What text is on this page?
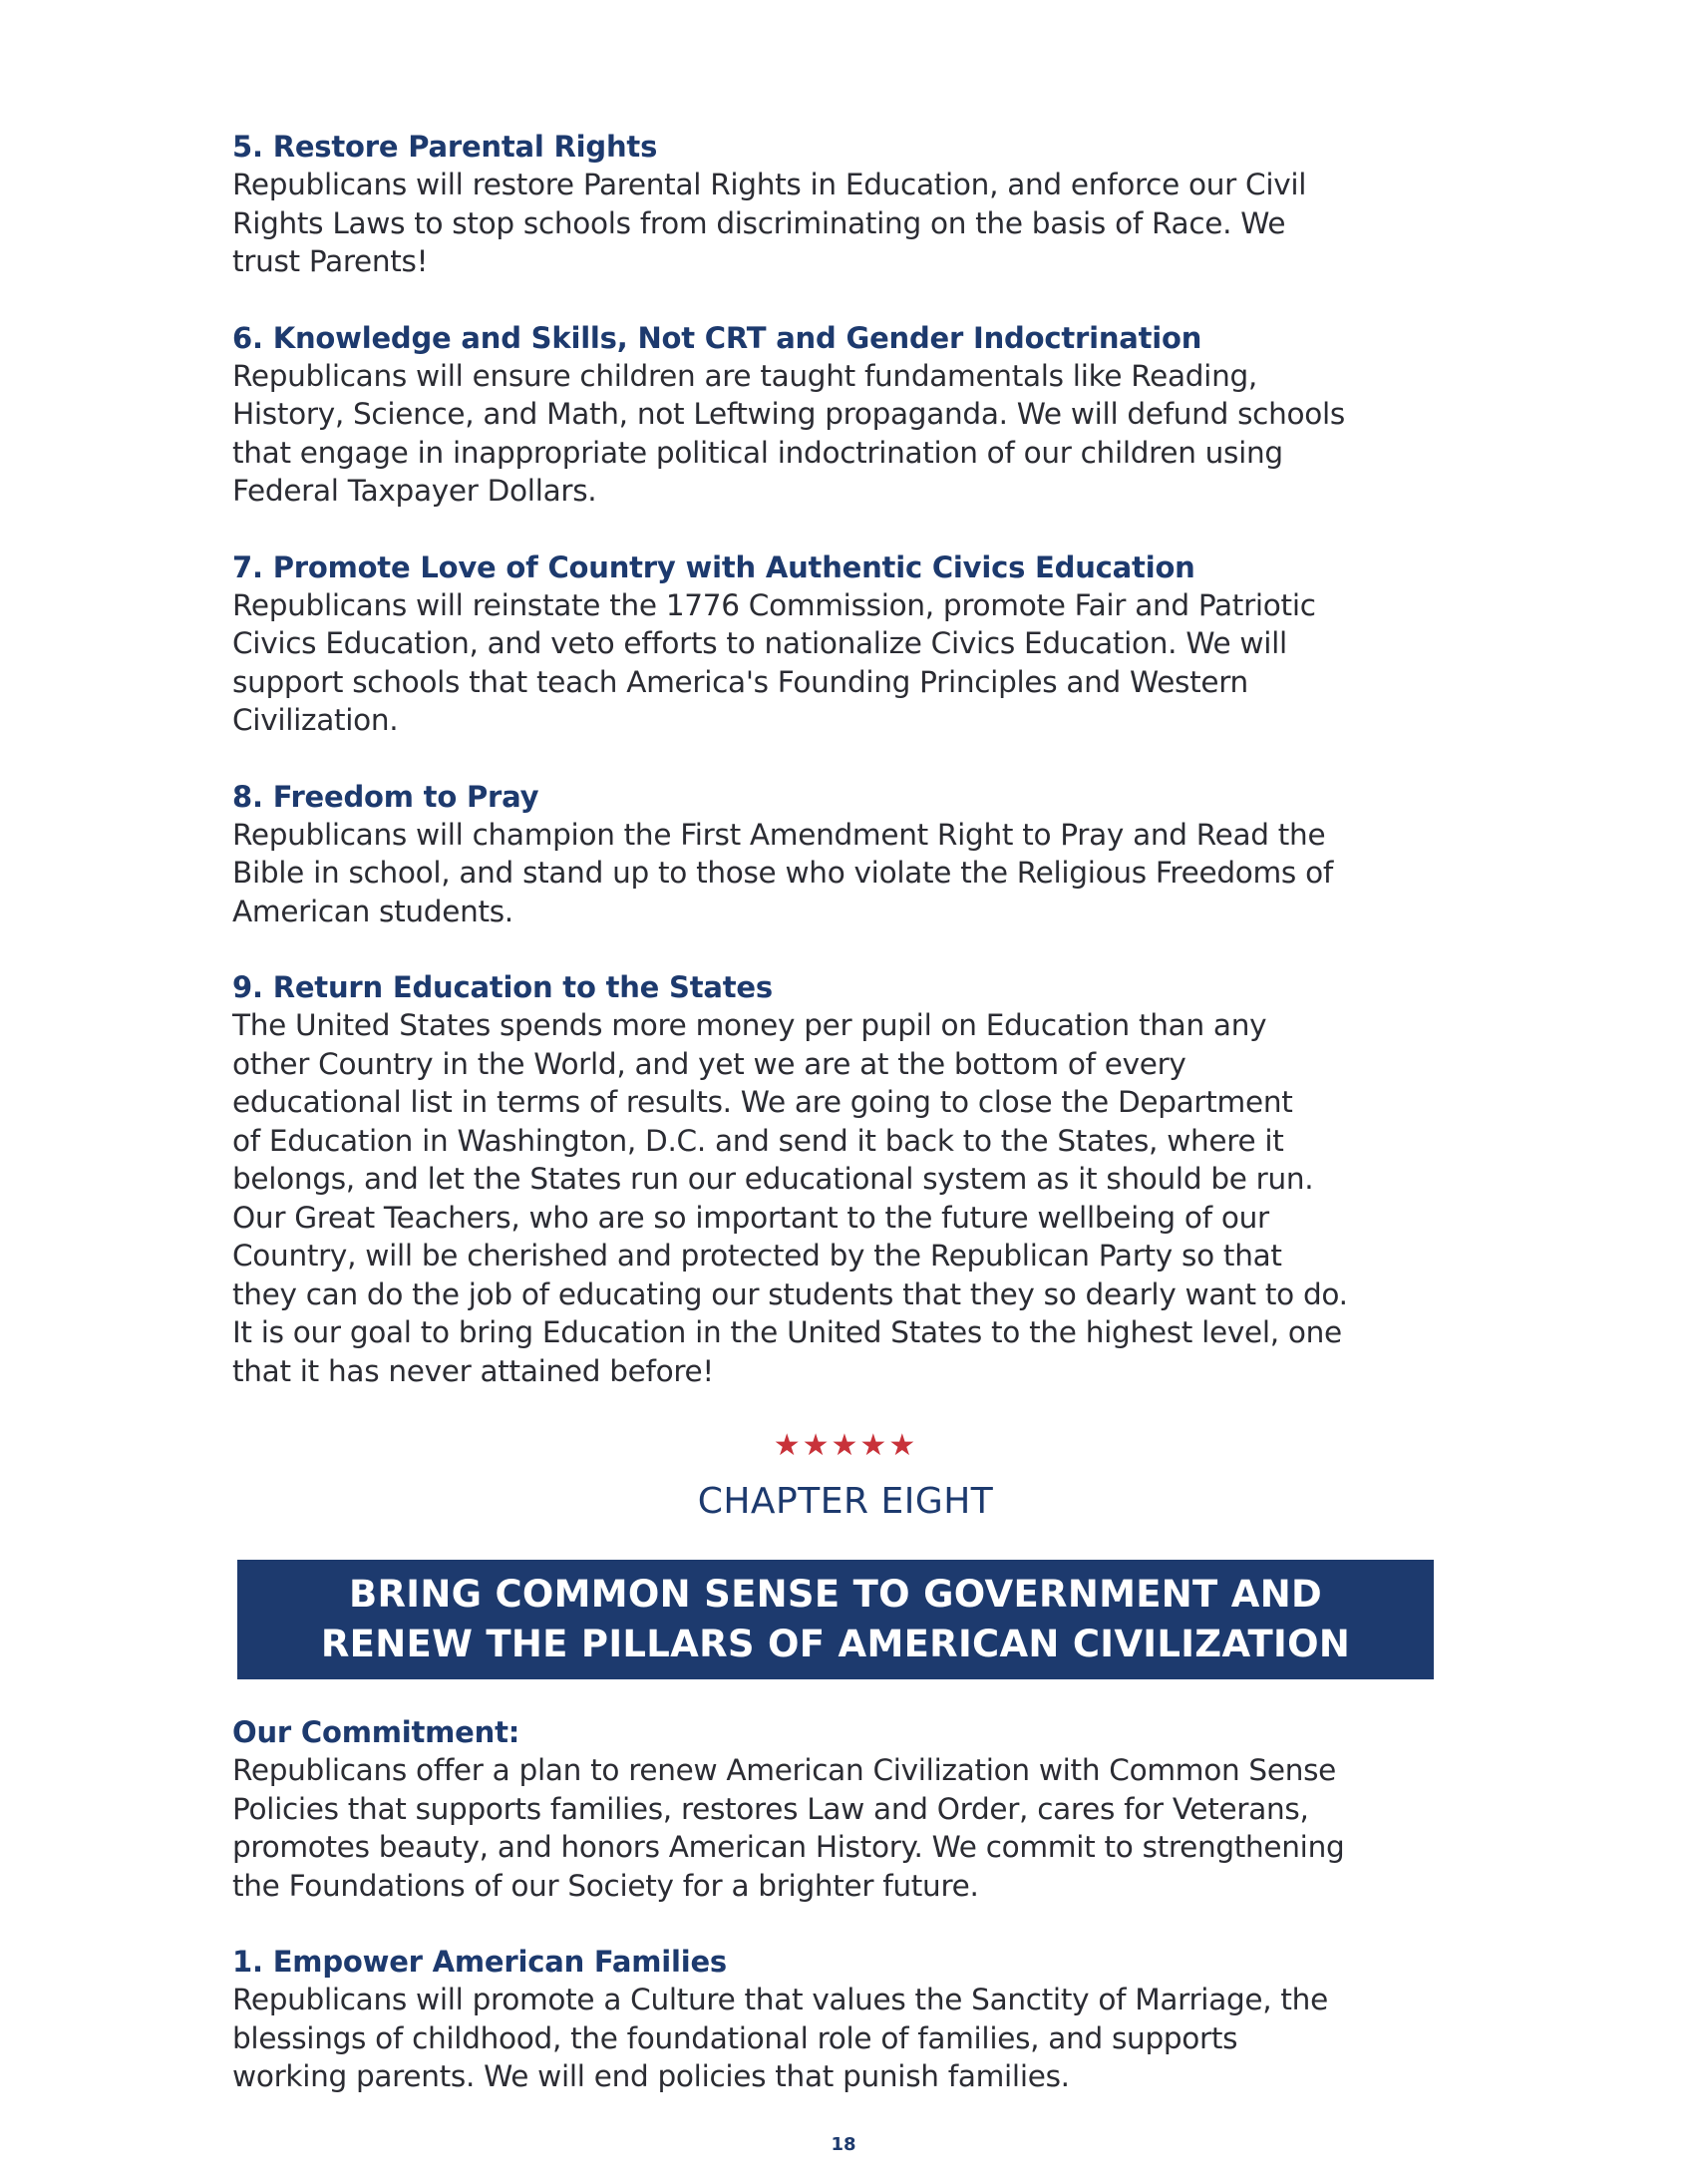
5. Restore Parental Rights
Republicans will restore Parental Rights in Education, and enforce our Civil
Rights Laws to stop schools from discriminating on the basis of Race. We
trust Parents!
6. Knowledge and Skills, Not CRT and Gender Indoctrination
Republicans will ensure children are taught fundamentals like Reading,
History, Science, and Math, not Leftwing propaganda. We will defund schools
that engage in inappropriate political indoctrination of our children using
Federal Taxpayer Dollars.
7. Promote Love of Country with Authentic Civics Education
Republicans will reinstate the 1776 Commission, promote Fair and Patriotic
Civics Education, and veto efforts to nationalize Civics Education. We will
support schools that teach America's Founding Principles and Western
Civilization.
8. Freedom to Pray
Republicans will champion the First Amendment Right to Pray and Read the
Bible in school, and stand up to those who violate the Religious Freedoms of
American students.
9. Return Education to the States
The United States spends more money per pupil on Education than any
other Country in the World, and yet we are at the bottom of every
educational list in terms of results. We are going to close the Department
of Education in Washington, D.C. and send it back to the States, where it
belongs, and let the States run our educational system as it should be run.
Our Great Teachers, who are so important to the future wellbeing of our
Country, will be cherished and protected by the Republican Party so that
they can do the job of educating our students that they so dearly want to do.
It is our goal to bring Education in the United States to the highest level, one
that it has never attained before!
★★★★★
CHAPTER EIGHT
BRING COMMON SENSE TO GOVERNMENT AND
RENEW THE PILLARS OF AMERICAN CIVILIZATION
Our Commitment:
Republicans offer a plan to renew American Civilization with Common Sense
Policies that supports families, restores Law and Order, cares for Veterans,
promotes beauty, and honors American History. We commit to strengthening
the Foundations of our Society for a brighter future.
1. Empower American Families
Republicans will promote a Culture that values the Sanctity of Marriage, the
blessings of childhood, the foundational role of families, and supports
working parents. We will end policies that punish families.
18
